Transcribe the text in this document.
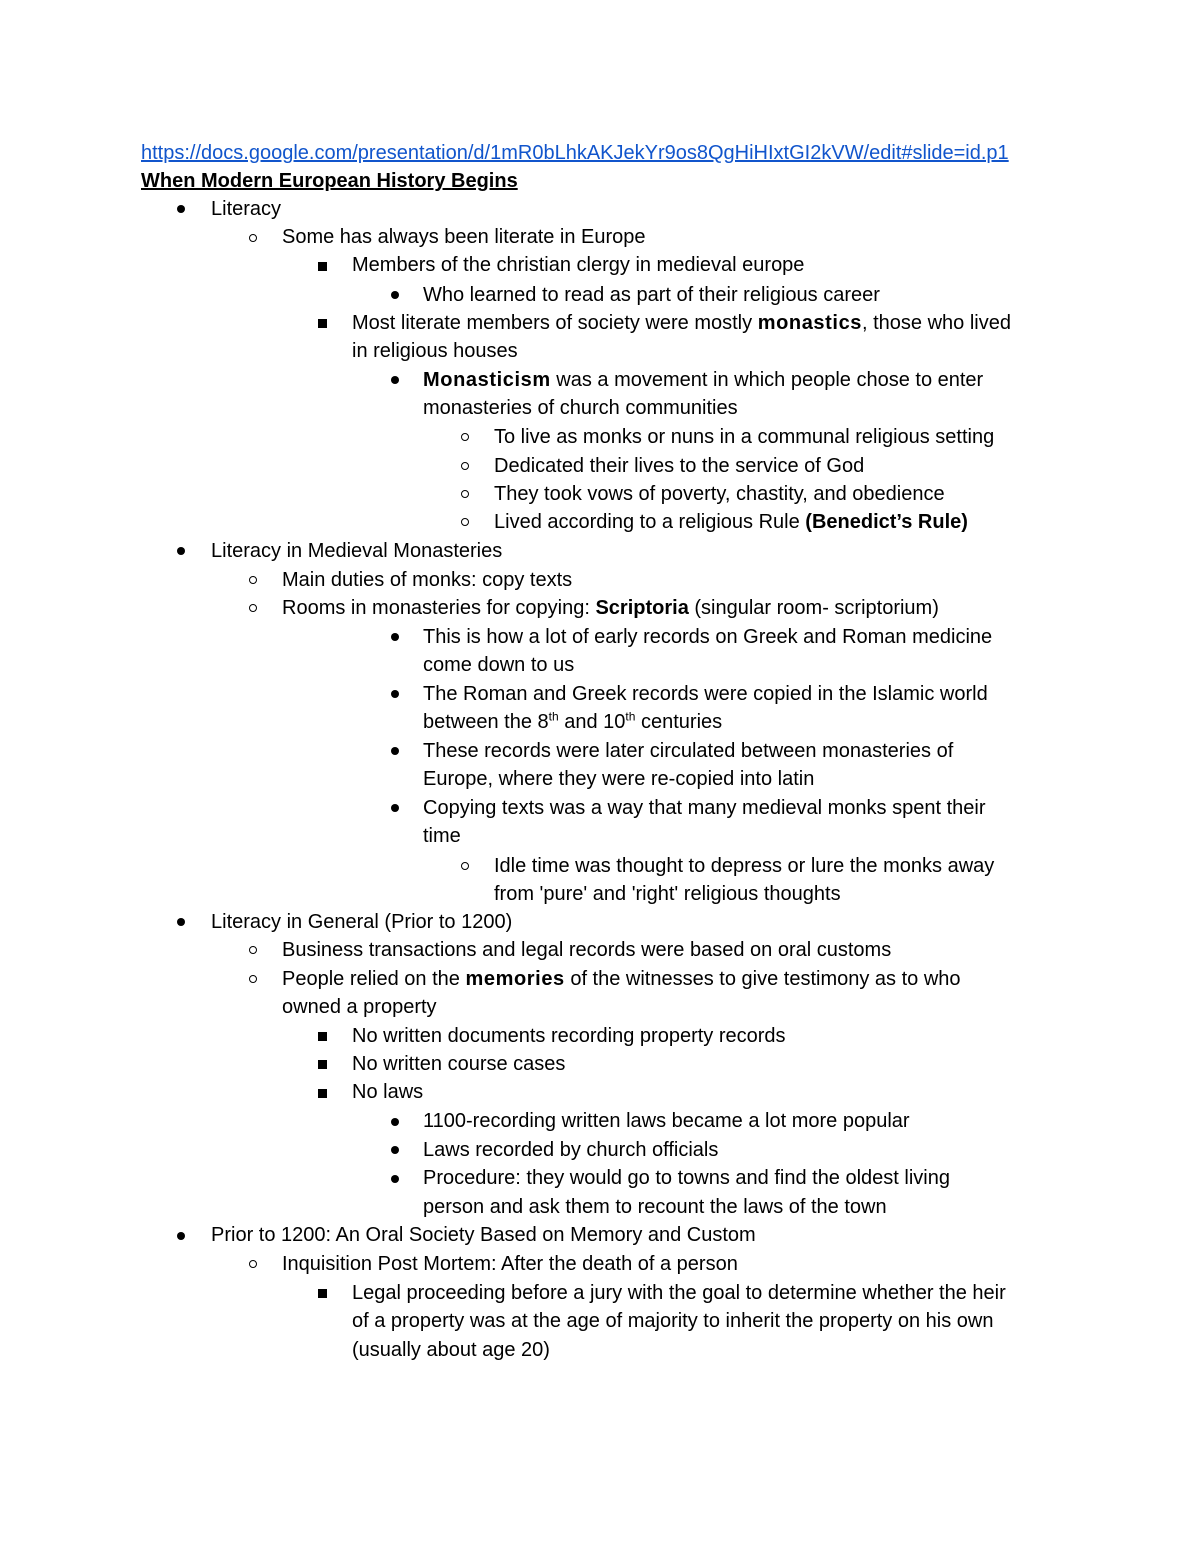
https://docs.google.com/presentation/d/1mR0bLhkAKJekYr9os8QgHiHIxtGI2kVW/edit#slide=id.p1
When Modern European History Begins
Literacy
Some has always been literate in Europe
Members of the christian clergy in medieval europe
Who learned to read as part of their religious career
Most literate members of society were mostly monastics, those who lived
in religious houses
Monasticism was a movement in which people chose to enter
monasteries of church communities
To live as monks or nuns in a communal religious setting
Dedicated their lives to the service of God
They took vows of poverty, chastity, and obedience
Lived according to a religious Rule (Benedict’s Rule)
Literacy in Medieval Monasteries
Main duties of monks: copy texts
Rooms in monasteries for copying: Scriptoria (singular room- scriptorium)
This is how a lot of early records on Greek and Roman medicine
come down to us
The Roman and Greek records were copied in the Islamic world
between the 8th and 10th centuries
These records were later circulated between monasteries of
Europe, where they were re-copied into latin
Copying texts was a way that many medieval monks spent their
time
Idle time was thought to depress or lure the monks away
from 'pure' and 'right' religious thoughts
Literacy in General (Prior to 1200)
Business transactions and legal records were based on oral customs
People relied on the memories of the witnesses to give testimony as to who
owned a property
No written documents recording property records
No written course cases
No laws
1100-recording written laws became a lot more popular
Laws recorded by church officials
Procedure: they would go to towns and find the oldest living
person and ask them to recount the laws of the town
Prior to 1200: An Oral Society Based on Memory and Custom
Inquisition Post Mortem: After the death of a person
Legal proceeding before a jury with the goal to determine whether the heir
of a property was at the age of majority to inherit the property on his own
(usually about age 20)
